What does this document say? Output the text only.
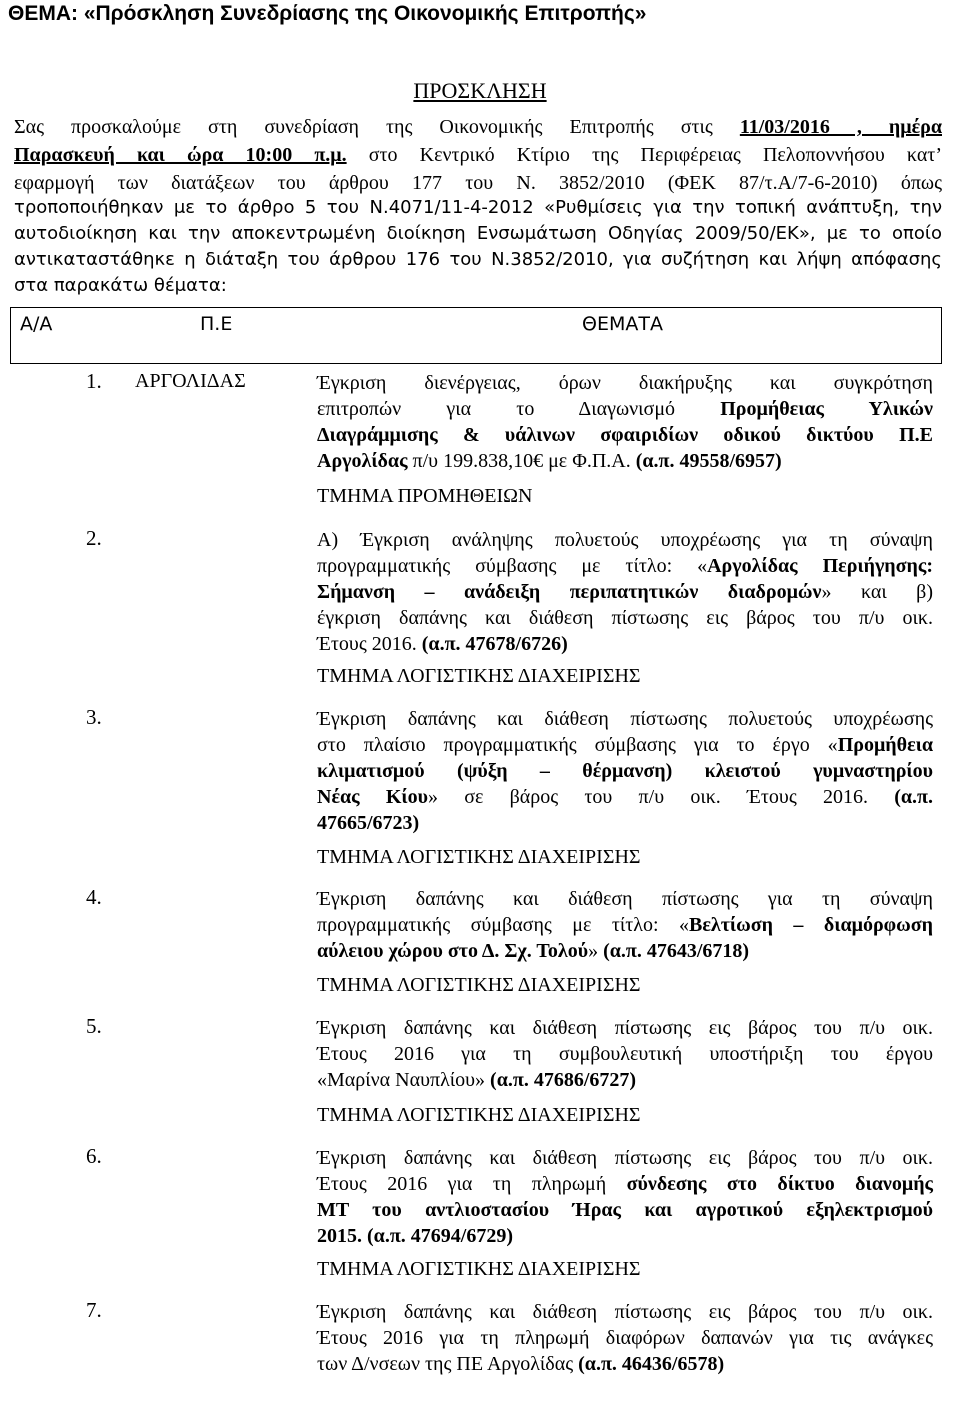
ΘΕΜΑ: «Πρόσκληση Συνεδρίασης της Οικονομικής Επιτροπής»
ΠΡΟΣΚΛΗΣΗ
Σας προσκαλούμε στη συνεδρίαση της Οικονομικής Επιτροπής στις 11/03/2016 , ημέρα
Παρασκευή και ώρα 10:00 π.μ. στο Κεντρικό Κτίριο της Περιφέρειας Πελοποννήσου κατ’
εφαρμογή των διατάξεων του άρθρου 177 του Ν. 3852/2010 (ΦΕΚ 87/τ.Α/7-6-2010) όπως
τροποποιήθηκαν με το άρθρο 5 του Ν.4071/11-4-2012 «Ρυθμίσεις για την τοπική ανάπτυξη, την
αυτοδιοίκηση και την αποκεντρωμένη διοίκηση Ενσωμάτωση Οδηγίας 2009/50/ΕΚ», με το οποίο
αντικαταστάθηκε η διάταξη του άρθρου 176 του Ν.3852/2010, για συζήτηση και λήψη απόφασης
στα παρακάτω θέματα:
Α/Α	Π.Ε	ΘΕΜΑΤΑ
1. ΑΡΓΟΛΙΔΑΣ	Έγκριση διενέργειας, όρων διακήρυξης και συγκρότηση
επιτροπών για το Διαγωνισμό Προμήθειας Υλικών
Διαγράμμισης & υάλινων σφαιριδίων οδικού δικτύου Π.Ε
Αργολίδας π/υ 199.838,10€ με Φ.Π.Α. (α.π. 49558/6957)
ΤΜΗΜΑ ΠΡΟΜΗΘΕΙΩΝ
2.	Α) Έγκριση ανάληψης πολυετούς υποχρέωσης για τη σύναψη
προγραμματικής σύμβασης με τίτλο: «Αργολίδας Περιήγησης:
Σήμανση – ανάδειξη περιπατητικών διαδρομών» και β)
έγκριση δαπάνης και διάθεση πίστωσης εις βάρος του π/υ οικ.
Έτους 2016. (α.π. 47678/6726)
ΤΜΗΜΑ ΛΟΓΙΣΤΙΚΗΣ ΔΙΑΧΕΙΡΙΣΗΣ
3.	Έγκριση δαπάνης και διάθεση πίστωσης πολυετούς υποχρέωσης
στο πλαίσιο προγραμματικής σύμβασης για το έργο «Προμήθεια
κλιματισμού (ψύξη – θέρμανση) κλειστού γυμναστηρίου
Νέας Κίου» σε βάρος του π/υ οικ. Έτους 2016. (α.π.
47665/6723)
ΤΜΗΜΑ ΛΟΓΙΣΤΙΚΗΣ ΔΙΑΧΕΙΡΙΣΗΣ
4.	Έγκριση δαπάνης και διάθεση πίστωσης για τη σύναψη
προγραμματικής σύμβασης με τίτλο: «Βελτίωση – διαμόρφωση
αύλειου χώρου στο Δ. Σχ. Τολού» (α.π. 47643/6718)
ΤΜΗΜΑ ΛΟΓΙΣΤΙΚΗΣ ΔΙΑΧΕΙΡΙΣΗΣ
5.	Έγκριση δαπάνης και διάθεση πίστωσης εις βάρος του π/υ οικ.
Έτους 2016 για τη συμβουλευτική υποστήριξη του έργου
«Μαρίνα Ναυπλίου» (α.π. 47686/6727)
ΤΜΗΜΑ ΛΟΓΙΣΤΙΚΗΣ ΔΙΑΧΕΙΡΙΣΗΣ
6.	Έγκριση δαπάνης και διάθεση πίστωσης εις βάρος του π/υ οικ.
Έτους 2016 για τη πληρωμή σύνδεσης στο δίκτυο διανομής
ΜΤ του αντλιοστασίου Ήρας και αγροτικού εξηλεκτρισμού
2015. (α.π. 47694/6729)
ΤΜΗΜΑ ΛΟΓΙΣΤΙΚΗΣ ΔΙΑΧΕΙΡΙΣΗΣ
7.	Έγκριση δαπάνης και διάθεση πίστωσης εις βάρος του π/υ οικ.
Έτους 2016 για τη πληρωμή διαφόρων δαπανών για τις ανάγκες
των Δ/νσεων της ΠΕ Αργολίδας (α.π. 46436/6578)
